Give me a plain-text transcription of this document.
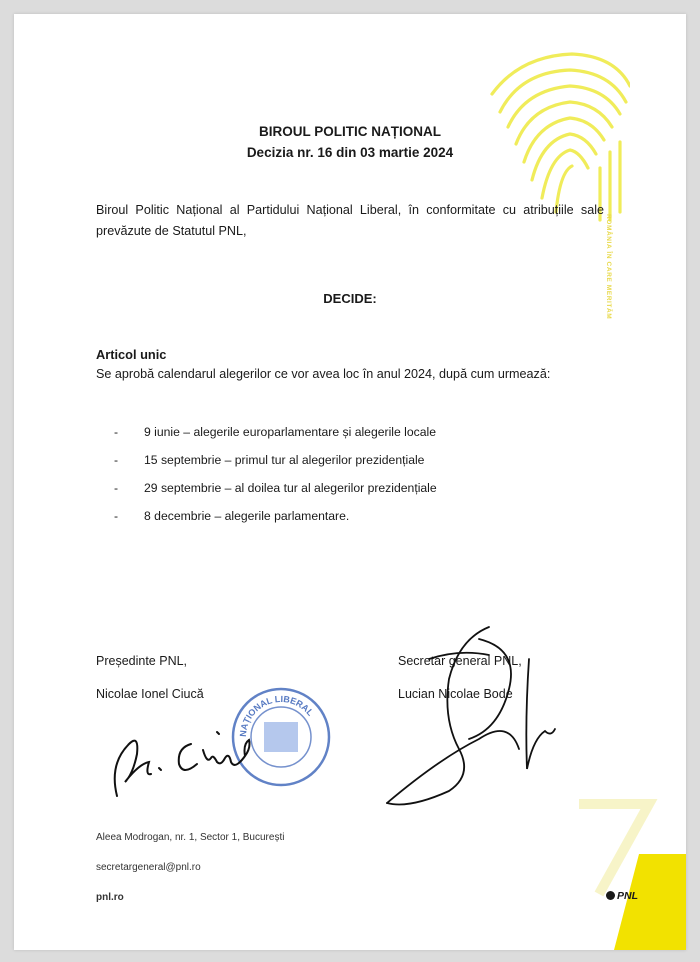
ROMÂNIA ÎN CARE MERITĂM
BIROUL POLITIC NAȚIONAL
Decizia nr. 16 din 03 martie 2024
Biroul Politic Național al Partidului Național Liberal, în conformitate cu atribuțiile sale prevăzute de Statutul PNL,
DECIDE:
Articol unic
Se aprobă calendarul alegerilor ce vor avea loc în anul 2024, după cum urmează:
- 9 iunie – alegerile europarlamentare și alegerile locale
- 15 septembrie – primul tur al alegerilor prezidențiale
- 29 septembrie – al doilea tur al alegerilor prezidențiale
- 8 decembrie – alegerile parlamentare.
Președinte PNL,
Nicolae Ionel Ciucă
Secretar general PNL,
Lucian Nicolae Bode
NAȚIONAL LIBERAL
Aleea Modrogan, nr. 1, Sector 1, București
secretargeneral@pnl.ro
pnl.ro	PNL
